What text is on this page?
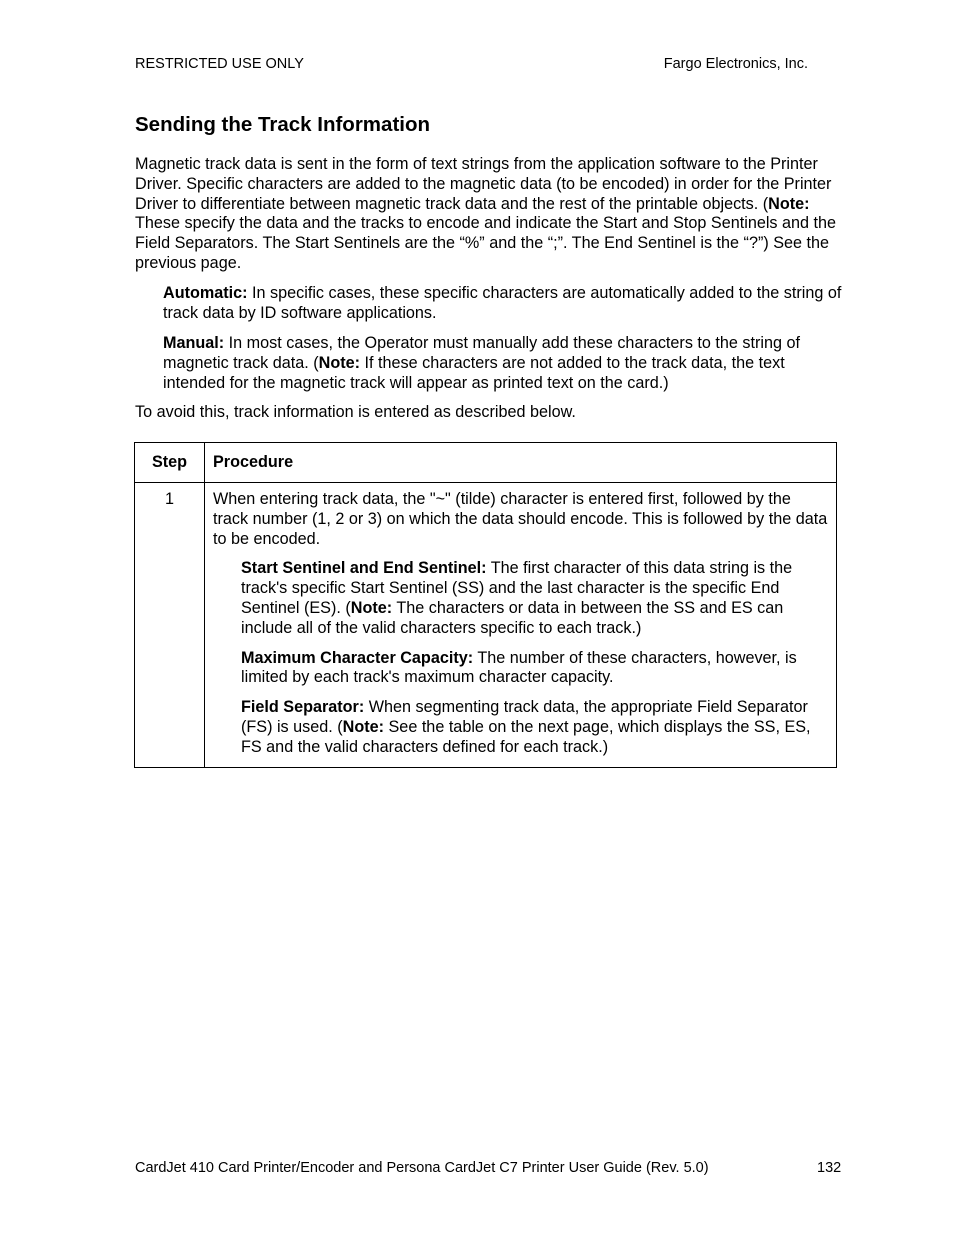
RESTRICTED USE ONLY	Fargo Electronics, Inc.
Sending the Track Information

Magnetic track data is sent in the form of text strings from the application software to the Printer Driver. Specific characters are added to the magnetic data (to be encoded) in order for the Printer Driver to differentiate between magnetic track data and the rest of the printable objects. (Note: These specify the data and the tracks to encode and indicate the Start and Stop Sentinels and the Field Separators. The Start Sentinels are the “%” and the “;”. The End Sentinel is the “?”) See the previous page.

Automatic: In specific cases, these specific characters are automatically added to the string of track data by ID software applications.

Manual: In most cases, the Operator must manually add these characters to the string of magnetic track data. (Note: If these characters are not added to the track data, the text intended for the magnetic track will appear as printed text on the card.)

To avoid this, track information is entered as described below.

Step	Procedure
1	When entering track data, the "~" (tilde) character is entered first, followed by the track number (1, 2 or 3) on which the data should encode. This is followed by the data to be encoded.

Start Sentinel and End Sentinel: The first character of this data string is the track's specific Start Sentinel (SS) and the last character is the specific End Sentinel (ES). (Note: The characters or data in between the SS and ES can include all of the valid characters specific to each track.)

Maximum Character Capacity: The number of these characters, however, is limited by each track's maximum character capacity.

Field Separator: When segmenting track data, the appropriate Field Separator (FS) is used. (Note: See the table on the next page, which displays the SS, ES, FS and the valid characters defined for each track.)

CardJet 410 Card Printer/Encoder and Persona CardJet C7 Printer User Guide (Rev. 5.0)	132
